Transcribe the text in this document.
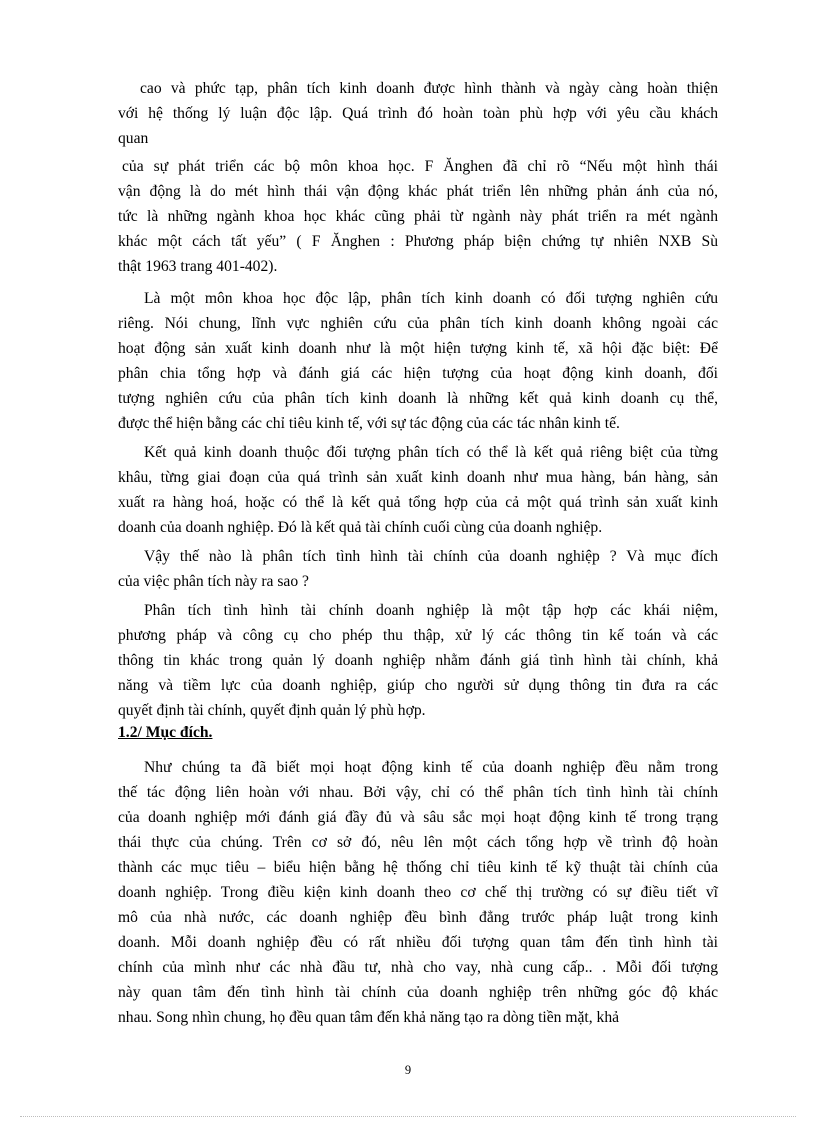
cao và phức tạp, phân tích kinh doanh được hình thành và ngày càng hoàn thiện
với hệ thống lý luận độc lập. Quá trình đó hoàn toàn phù hợp với yêu cầu khách
quan
của sự phát triển các bộ môn khoa học. F Ănghen đã chỉ rõ “Nếu một hình thái
vận động là do mét hình thái vận động khác phát triển lên những phản ánh của nó,
tức là những ngành khoa học khác cũng phải từ ngành này phát triển ra mét ngành
khác một cách tất yếu” ( F Ănghen : Phương pháp biện chứng tự nhiên NXB Sù
thật 1963 trang 401-402).
Là một môn khoa học độc lập, phân tích kinh doanh có đối tượng nghiên cứu
riêng. Nói chung, lĩnh vực nghiên cứu của phân tích kinh doanh không ngoài các
hoạt động sản xuất kinh doanh như là một hiện tượng kinh tế, xã hội đặc biệt: Để
phân chia tổng hợp và đánh giá các hiện tượng của hoạt động kinh doanh, đối
tượng nghiên cứu của phân tích kinh doanh là những kết quả kinh doanh cụ thể,
được thể hiện bằng các chỉ tiêu kinh tế, với sự tác động của các tác nhân kinh tế.
Kết quả kinh doanh thuộc đối tượng phân tích có thể là kết quả riêng biệt của từng
khâu, từng giai đoạn của quá trình sản xuất kinh doanh như mua hàng, bán hàng, sản
xuất ra hàng hoá, hoặc có thể là kết quả tổng hợp của cả một quá trình sản xuất kinh
doanh của doanh nghiệp. Đó là kết quả tài chính cuối cùng của doanh nghiệp.
Vậy thế nào là phân tích tình hình tài chính của doanh nghiệp ? Và mục đích
của việc phân tích này ra sao ?
Phân tích tình hình tài chính doanh nghiệp là một tập hợp các khái niệm,
phương pháp và công cụ cho phép thu thập, xử lý các thông tin kế toán và các
thông tin khác trong quản lý doanh nghiệp nhằm đánh giá tình hình tài chính, khả
năng và tiềm lực của doanh nghiệp, giúp cho người sử dụng thông tin đưa ra các
quyết định tài chính, quyết định quản lý phù hợp.
1.2/ Mục đích.
Như chúng ta đã biết mọi hoạt động kinh tế của doanh nghiệp đều nằm trong
thế tác động liên hoàn với nhau. Bởi vậy, chỉ có thể phân tích tình hình tài chính
của doanh nghiệp mới đánh giá đầy đủ và sâu sắc mọi hoạt động kinh tế trong trạng
thái thực của chúng. Trên cơ sở đó, nêu lên một cách tổng hợp về trình độ hoàn
thành các mục tiêu – biểu hiện bằng hệ thống chỉ tiêu kinh tế kỹ thuật tài chính của
doanh nghiệp. Trong điều kiện kinh doanh theo cơ chế thị trường có sự điều tiết vĩ
mô của nhà nước, các doanh nghiệp đều bình đẳng trước pháp luật trong kinh
doanh. Mỗi doanh nghiệp đều có rất nhiều đối tượng quan tâm đến tình hình tài
chính của mình như các nhà đầu tư, nhà cho vay, nhà cung cấp.. . Mỗi đối tượng
này quan tâm đến tình hình tài chính của doanh nghiệp trên những góc độ khác
nhau. Song nhìn chung, họ đều quan tâm đến khả năng tạo ra dòng tiền mặt, khả
9
